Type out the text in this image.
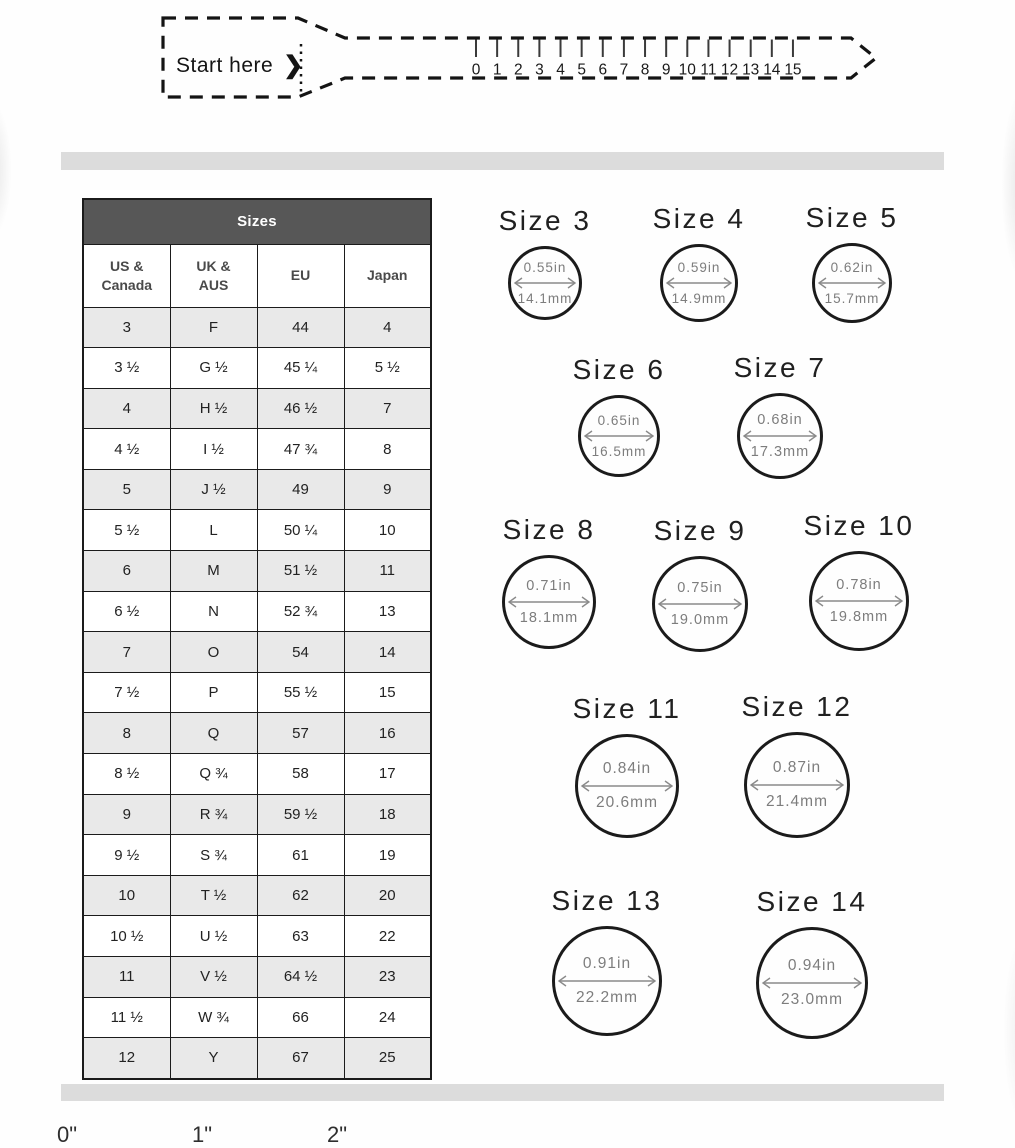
0 1 2 3 4 5 6 7 8 9 10 11 12 13 14 15
Start here ❯
Sizes			
US & Canada	UK & AUS	EU	Japan
3	F	44	4
3 ½	G ½	45 ¼	5 ½
4	H ½	46 ½	7
4 ½	I ½	47 ¾	8
5	J ½	49	9
5 ½	L	50 ¼	10
6	M	51 ½	11
6 ½	N	52 ¾	13
7	O	54	14
7 ½	P	55 ½	15
8	Q	57	16
8 ½	Q ¾	58	17
9	R ¾	59 ½	18
9 ½	S ¾	61	19
10	T ½	62	20
10 ½	U ½	63	22
11	V ½	64 ½	23
11 ½	W ¾	66	24
12	Y	67	25
Size 3
0.55in
14.1mm
Size 4
0.59in
14.9mm
Size 5
0.62in
15.7mm
Size 6
0.65in
16.5mm
Size 7
0.68in
17.3mm
Size 8
0.71in
18.1mm
Size 9
0.75in
19.0mm
Size 10
0.78in
19.8mm
Size 11
0.84in
20.6mm
Size 12
0.87in
21.4mm
Size 13
0.91in
22.2mm
Size 14
0.94in
23.0mm
0"	1"	2"
